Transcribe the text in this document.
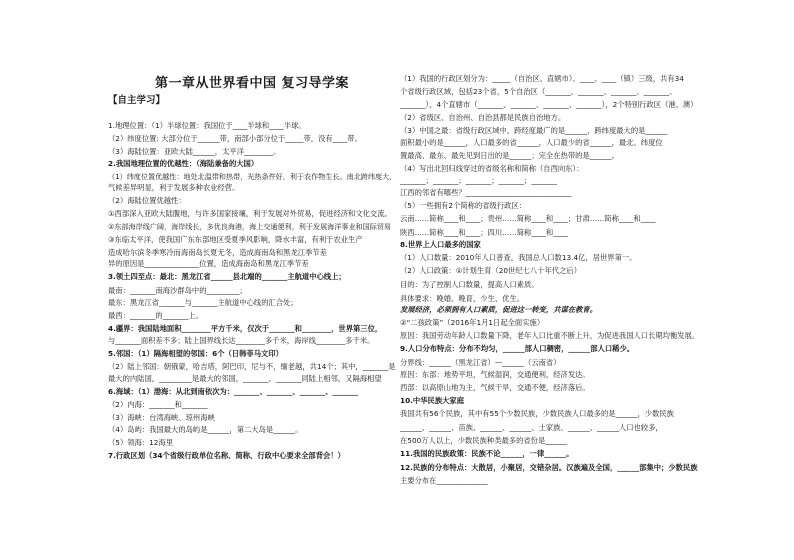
第一章从世界看中国 复习导学案
【自主学习】
1.地理位置：（1）半球位置：我国位于____半球和____半球。
（2）纬度位置: 大部分位于______带，南部小部分位于_____带，没有____带。
（3）海陆位置：亚欧大陆______，太平洋________。
2.我国地理位置的优越性：（海陆兼备的大国）
（1）纬度位置优越性：地处北温带和热带，光热条件好，利于农作物生长。南北跨纬度大，
气候差异明显，利于发展多种农业经营。
（2）海陆位置优越性：
①西部深入亚欧大陆腹地，与许多国家接壤，利于发展对外贸易，促进经济和文化交流。
②东部海岸线广阔，海岸线长，多优良海港，海上交通便利，利于发展海洋事业和国际贸易
③东临太平洋，使我国广东东部地区受夏季风影响，降水丰富，有利于农业生产
造成哈尔滨冬季寒冷而海南岛长夏无冬，造成海南岛和黑龙江季节差
异的原因是_______________位置，造成海南岛和黑龙江季节差
3.领土四至点：最北：黑龙江省______县北端的_______主航道中心线上；
最南：_______南海沙群岛中的_________；
最东：黑龙江省_______与_______主航道中心线的汇合处；
最西：_______的_______上。
4.疆界：我国陆地面积________平方千米，仅次于_______和________，世界第三位，
与_______面积差不多；陆上国界线长达________多千米，海岸线________多千米。
5.邻国：（1）隔海相望的邻国：6个（日韩菲马文印）
（2）陆上邻国：朝俄蒙，哈吉塔，阿巴印，尼与不，缅老越，共14个；其中，_______是
最大的内陆国，_________是最大的邻国，_______、_______同陆上相邻，又隔海相望
6.海域：（1）渤海：从北到南依次为：_______、_______、_______、_______
（2）内海：_______和_______
（3）海峡：台湾海峡、琼州海峡
（4）岛屿：我国最大的岛屿是______，第二大岛是______。
（5）领海：12海里
7.行政区划（34个省级行政单位名称、简称、行政中心要求全部背会！）
（1）我国的行政区划分为：_____（自治区、直辖市）、____、____（镇）三级，共有34
个省级行政区域，包括23个省，5个自治区（_______、_______、_______、_______、
_______），4个直辖市（_______、_______、_______、_______），2个特别行政区（港、澳）
（2）省级区、自治州、自治县都是民族自治地方。
（3）中国之最：省级行政区域中，跨经度最广的是______，跨纬度最大的是______
面积最小的是______，人口最多的省______，人口最少的省______，最北、纬度位
置最高、最东、最先见到日出的是______；完全在热带的是______。
（4）写出北回归线穿过的省级名称和简称（自西向东）：
_______；_______；_______；_______；_______
江西的邻省有哪些？_____________________________
（5）一些拥有2个简称的省级行政区：
云南……简称____和____；贵州……简称____和____；甘肃……简称____和____
陕西……简称____和____；四川……简称____和____
8.世界上人口最多的国家
（1）人口数量：2010年人口普查，我国总人口数13.4亿，居世界第一。
（2）人口政策：①计划生育（20世纪七八十年代之后）
目的：为了控制人口数量，提高人口素质。
具体要求：晚婚、晚育，少生、优生。
发展经济，必须拥有人口素质，促进这一转变，共谋在教育。
②“二孩政策”（2016年1月1日起全面实施）
原因：我国劳动年龄人口数量下降，老年人口比重不断上升，为促进我国人口长期均衡发展。
9.人口分布特点：分布不均匀，______部人口稠密，______部人口稀少。
分界线：______（黑龙江省）—______（云南省）
原因：东部：地势平坦，气候湿润，交通便利，经济发达。
西部：以高原山地为主，气候干旱，交通不便，经济落后。
10.中华民族大家庭
我国共有56个民族，其中有55个少数民族，少数民族人口最多的是______，少数民族
______、______、苗族、______、______、土家族、______、______人口也较多，
在500万人以上，少数民族种类最多的省份是______
11.我国的民族政策：民族不论______，一律______。
12.民族的分布特点：大散居，小聚居，交错杂居。汉族遍及全国，______部集中；少数民族
主要分布在______________
